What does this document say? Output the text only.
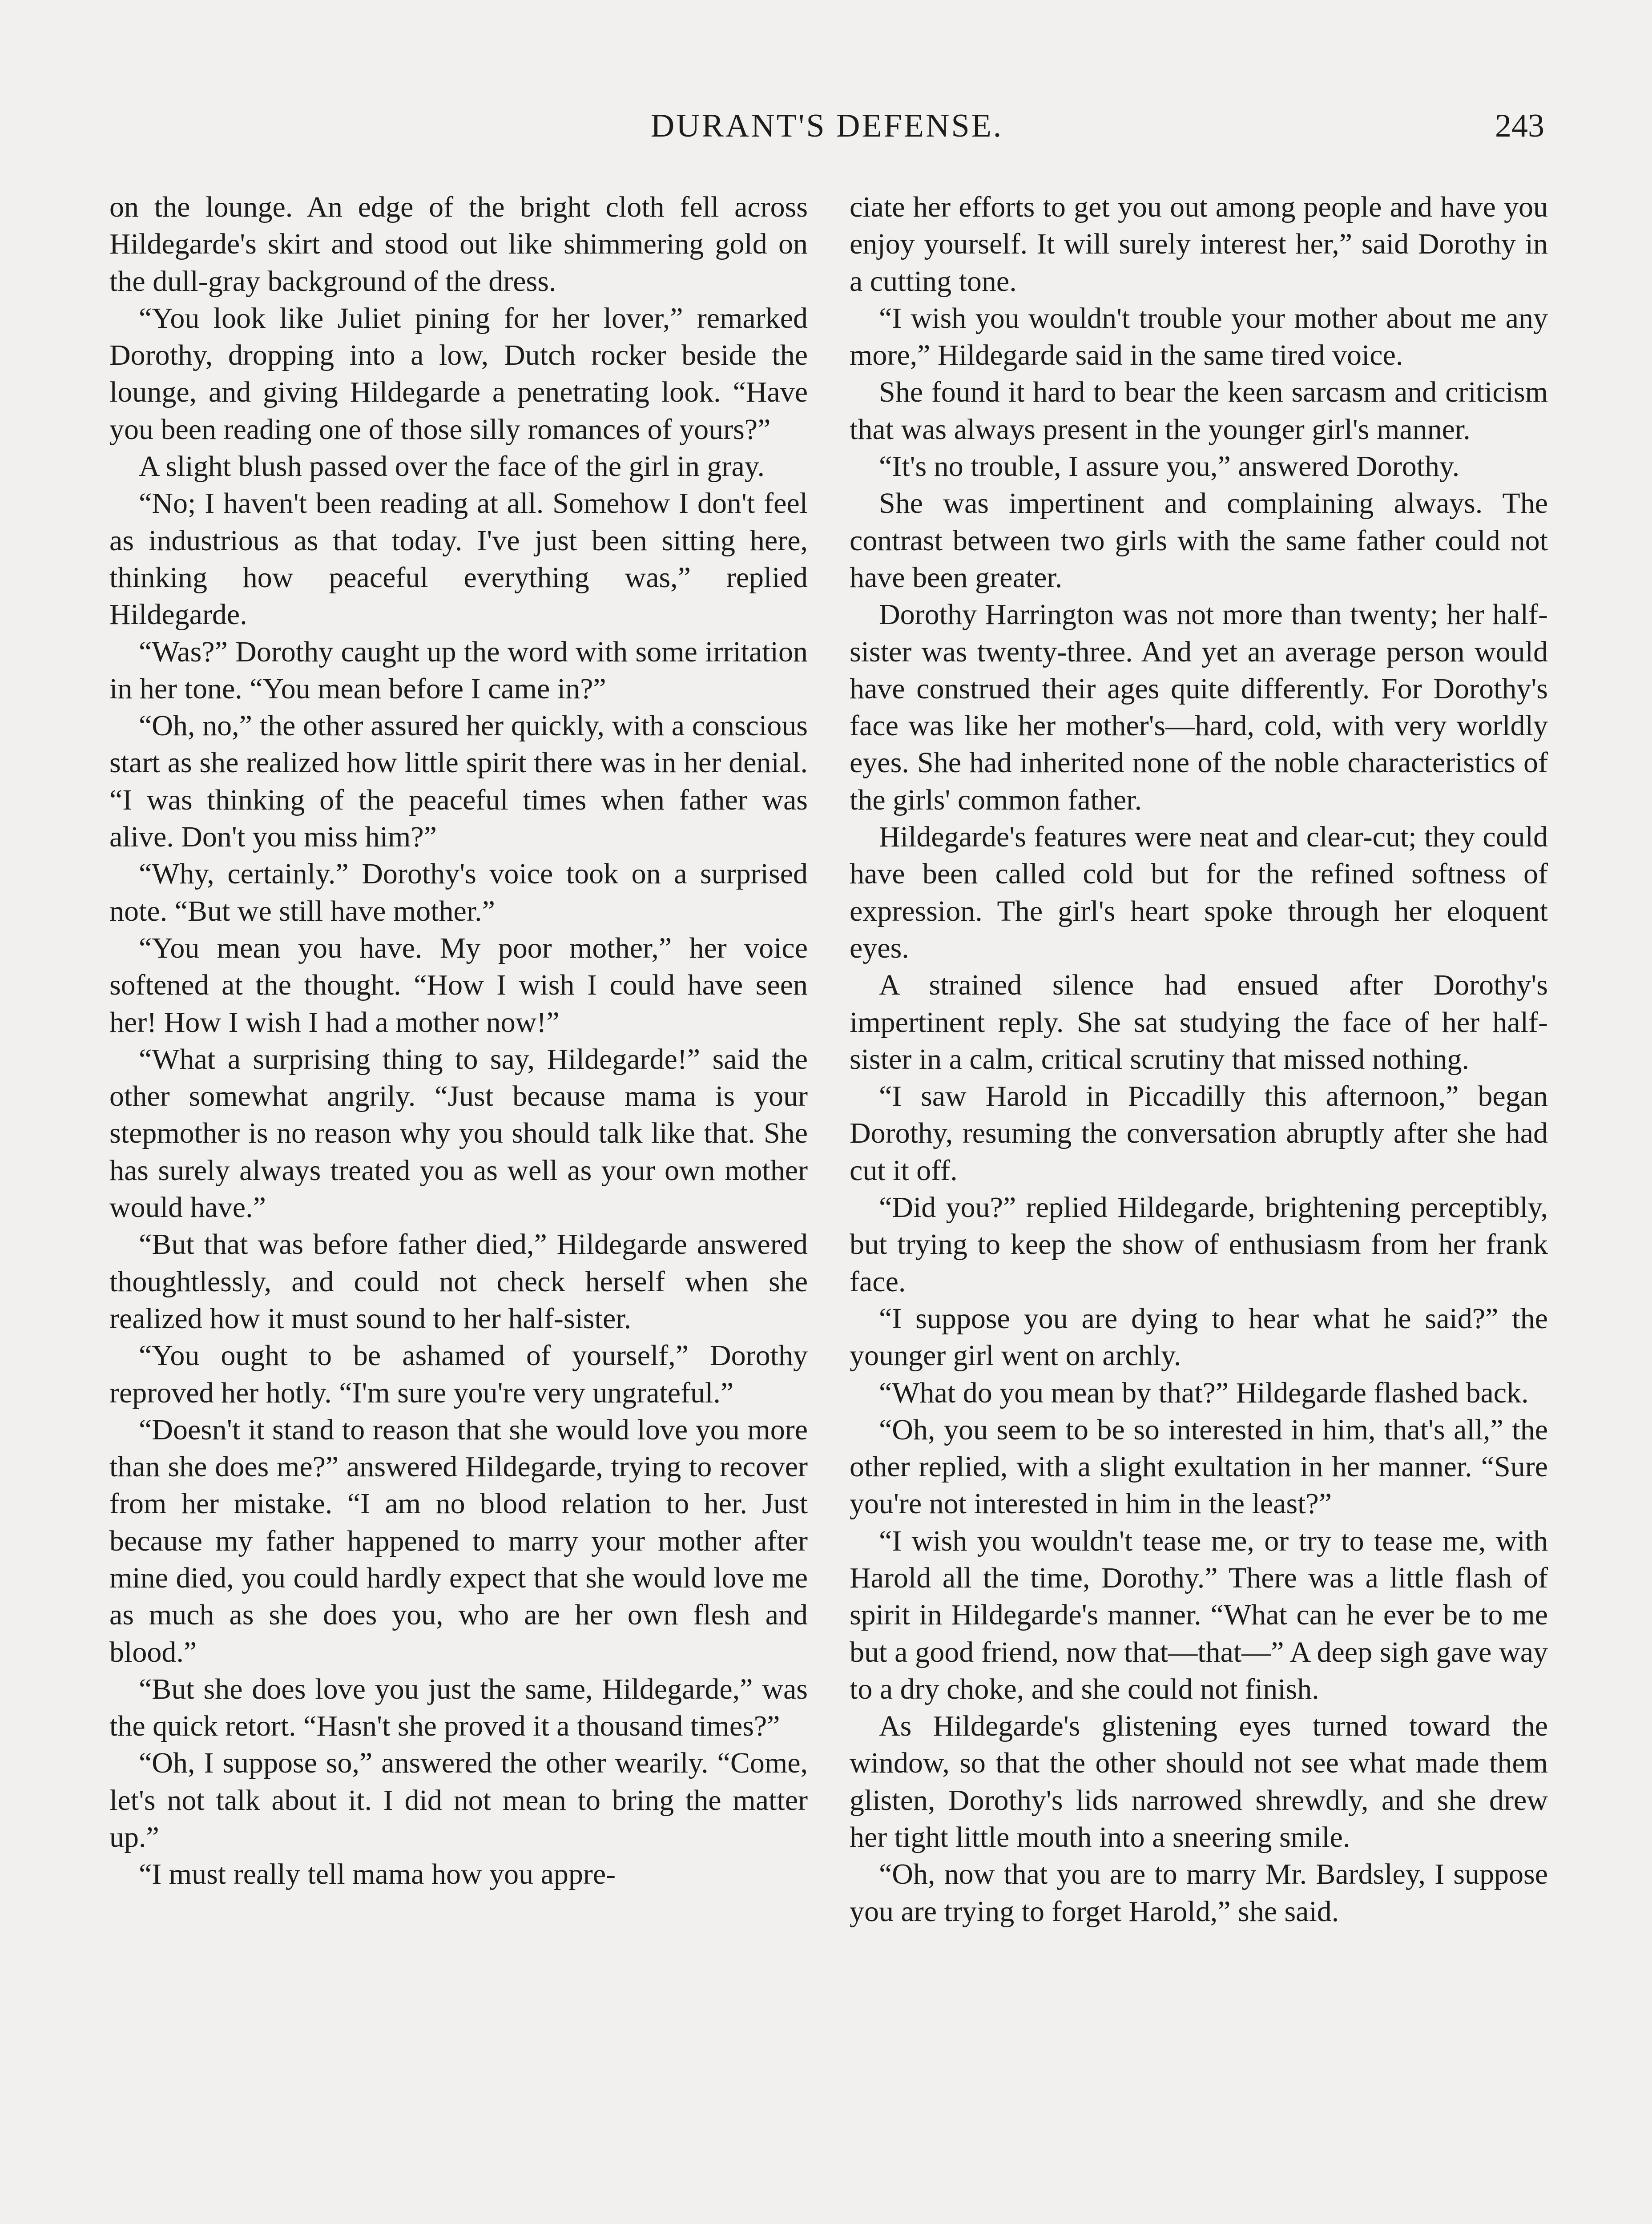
DURANT'S DEFENSE.	243

on the lounge. An edge of the bright cloth fell across Hildegarde's skirt and stood out like shimmering gold on the dull-gray background of the dress.

“You look like Juliet pining for her lover,” remarked Dorothy, dropping into a low, Dutch rocker beside the lounge, and giving Hildegarde a penetrating look. “Have you been reading one of those silly romances of yours?”

A slight blush passed over the face of the girl in gray.

“No; I haven't been reading at all. Somehow I don't feel as industrious as that today. I've just been sitting here, thinking how peaceful everything was,” replied Hildegarde.

“Was?” Dorothy caught up the word with some irritation in her tone. “You mean before I came in?”

“Oh, no,” the other assured her quickly, with a conscious start as she realized how little spirit there was in her denial. “I was thinking of the peaceful times when father was alive. Don't you miss him?”

“Why, certainly.” Dorothy's voice took on a surprised note. “But we still have mother.”

“You mean you have. My poor mother,” her voice softened at the thought. “How I wish I could have seen her! How I wish I had a mother now!”

“What a surprising thing to say, Hildegarde!” said the other somewhat angrily. “Just because mama is your stepmother is no reason why you should talk like that. She has surely always treated you as well as your own mother would have.”

“But that was before father died,” Hildegarde answered thoughtlessly, and could not check herself when she realized how it must sound to her half-sister.

“You ought to be ashamed of yourself,” Dorothy reproved her hotly. “I'm sure you're very ungrateful.”

“Doesn't it stand to reason that she would love you more than she does me?” answered Hildegarde, trying to recover from her mistake. “I am no blood relation to her. Just because my father happened to marry your mother after mine died, you could hardly expect that she would love me as much as she does you, who are her own flesh and blood.”

“But she does love you just the same, Hildegarde,” was the quick retort. “Hasn't she proved it a thousand times?”

“Oh, I suppose so,” answered the other wearily. “Come, let's not talk about it. I did not mean to bring the matter up.”

“I must really tell mama how you appre-

ciate her efforts to get you out among people and have you enjoy yourself. It will surely interest her,” said Dorothy in a cutting tone.

“I wish you wouldn't trouble your mother about me any more,” Hildegarde said in the same tired voice.

She found it hard to bear the keen sarcasm and criticism that was always present in the younger girl's manner.

“It's no trouble, I assure you,” answered Dorothy.

She was impertinent and complaining always. The contrast between two girls with the same father could not have been greater.

Dorothy Harrington was not more than twenty; her half-sister was twenty-three. And yet an average person would have construed their ages quite differently. For Dorothy's face was like her mother's—hard, cold, with very worldly eyes. She had inherited none of the noble characteristics of the girls' common father.

Hildegarde's features were neat and clear-cut; they could have been called cold but for the refined softness of expression. The girl's heart spoke through her eloquent eyes.

A strained silence had ensued after Dorothy's impertinent reply. She sat studying the face of her half-sister in a calm, critical scrutiny that missed nothing.

“I saw Harold in Piccadilly this afternoon,” began Dorothy, resuming the conversation abruptly after she had cut it off.

“Did you?” replied Hildegarde, brightening perceptibly, but trying to keep the show of enthusiasm from her frank face.

“I suppose you are dying to hear what he said?” the younger girl went on archly.

“What do you mean by that?” Hildegarde flashed back.

“Oh, you seem to be so interested in him, that's all,” the other replied, with a slight exultation in her manner. “Sure you're not interested in him in the least?”

“I wish you wouldn't tease me, or try to tease me, with Harold all the time, Dorothy.” There was a little flash of spirit in Hildegarde's manner. “What can he ever be to me but a good friend, now that—that—” A deep sigh gave way to a dry choke, and she could not finish.

As Hildegarde's glistening eyes turned toward the window, so that the other should not see what made them glisten, Dorothy's lids narrowed shrewdly, and she drew her tight little mouth into a sneering smile.

“Oh, now that you are to marry Mr. Bardsley, I suppose you are trying to forget Harold,” she said.
